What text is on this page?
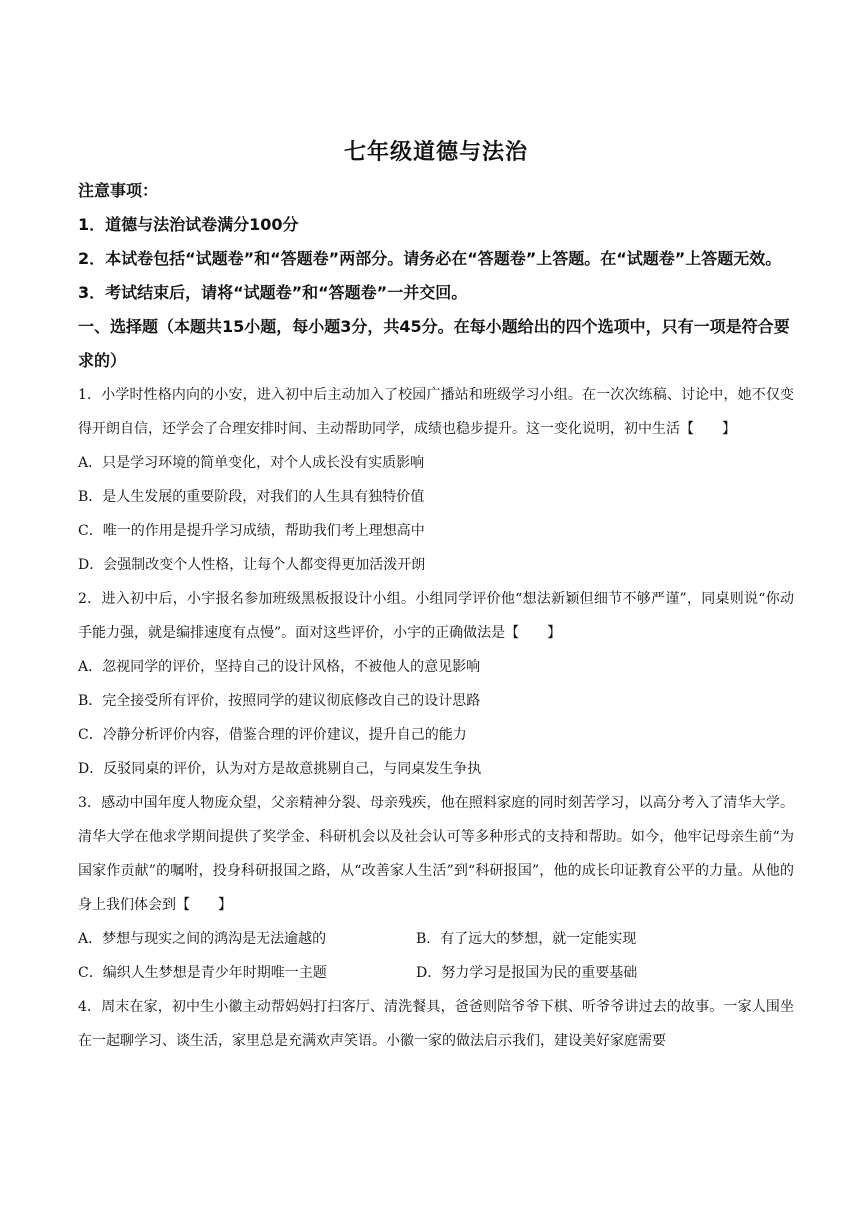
七年级道德与法治

注意事项：

1．道德与法治试卷满分100分

2．本试卷包括“试题卷”和“答题卷”两部分。请务必在“答题卷”上答题。在“试题卷”上答题无效。

3．考试结束后，请将“试题卷”和“答题卷”一并交回。

一、选择题（本题共15小题，每小题3分，共45分。在每小题给出的四个选项中，只有一项是符合要求的）

1．小学时性格内向的小安，进入初中后主动加入了校园广播站和班级学习小组。在一次次练稿、讨论中，她不仅变得开朗自信，还学会了合理安排时间、主动帮助同学，成绩也稳步提升。这一变化说明，初中生活【　　】

A．只是学习环境的简单变化，对个人成长没有实质影响

B．是人生发展的重要阶段，对我们的人生具有独特价值

C．唯一的作用是提升学习成绩，帮助我们考上理想高中

D．会强制改变个人性格，让每个人都变得更加活泼开朗

2．进入初中后，小宇报名参加班级黑板报设计小组。小组同学评价他“想法新颖但细节不够严谨”，同桌则说“你动手能力强，就是编排速度有点慢”。面对这些评价，小宇的正确做法是【　　】

A．忽视同学的评价，坚持自己的设计风格，不被他人的意见影响

B．完全接受所有评价，按照同学的建议彻底修改自己的设计思路

C．冷静分析评价内容，借鉴合理的评价建议，提升自己的能力

D．反驳同桌的评价，认为对方是故意挑剔自己，与同桌发生争执

3．感动中国年度人物庞众望，父亲精神分裂、母亲残疾，他在照料家庭的同时刻苦学习，以高分考入了清华大学。清华大学在他求学期间提供了奖学金、科研机会以及社会认可等多种形式的支持和帮助。如今，他牢记母亲生前“为国家作贡献”的嘱咐，投身科研报国之路，从“改善家人生活”到“科研报国”，他的成长印证教育公平的力量。从他的身上我们体会到【　　】

A．梦想与现实之间的鸿沟是无法逾越的	B．有了远大的梦想，就一定能实现
C．编织人生梦想是青少年时期唯一主题	D．努力学习是报国为民的重要基础

4．周末在家，初中生小徽主动帮妈妈打扫客厅、清洗餐具，爸爸则陪爷爷下棋、听爷爷讲过去的故事。一家人围坐在一起聊学习、谈生活，家里总是充满欢声笑语。小徽一家的做法启示我们，建设美好家庭需要
